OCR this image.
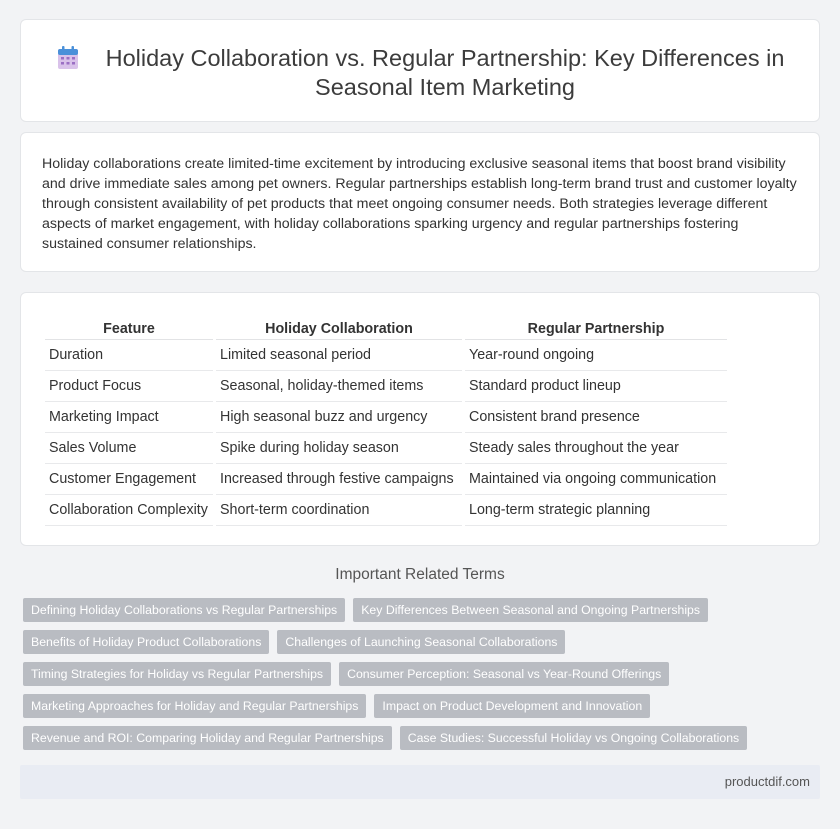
Holiday Collaboration vs. Regular Partnership: Key Differences in Seasonal Item Marketing

Holiday collaborations create limited-time excitement by introducing exclusive seasonal items that boost brand visibility and drive immediate sales among pet owners. Regular partnerships establish long-term brand trust and customer loyalty through consistent availability of pet products that meet ongoing consumer needs. Both strategies leverage different aspects of market engagement, with holiday collaborations sparking urgency and regular partnerships fostering sustained consumer relationships.

Feature	Holiday Collaboration	Regular Partnership
Duration	Limited seasonal period	Year-round ongoing
Product Focus	Seasonal, holiday-themed items	Standard product lineup
Marketing Impact	High seasonal buzz and urgency	Consistent brand presence
Sales Volume	Spike during holiday season	Steady sales throughout the year
Customer Engagement	Increased through festive campaigns	Maintained via ongoing communication
Collaboration Complexity	Short-term coordination	Long-term strategic planning
Important Related Terms
Defining Holiday Collaborations vs Regular Partnerships	Key Differences Between Seasonal and Ongoing Partnerships
Benefits of Holiday Product Collaborations	Challenges of Launching Seasonal Collaborations
Timing Strategies for Holiday vs Regular Partnerships	Consumer Perception: Seasonal vs Year-Round Offerings
Marketing Approaches for Holiday and Regular Partnerships	Impact on Product Development and Innovation
Revenue and ROI: Comparing Holiday and Regular Partnerships	Case Studies: Successful Holiday vs Ongoing Collaborations
productdif.com
